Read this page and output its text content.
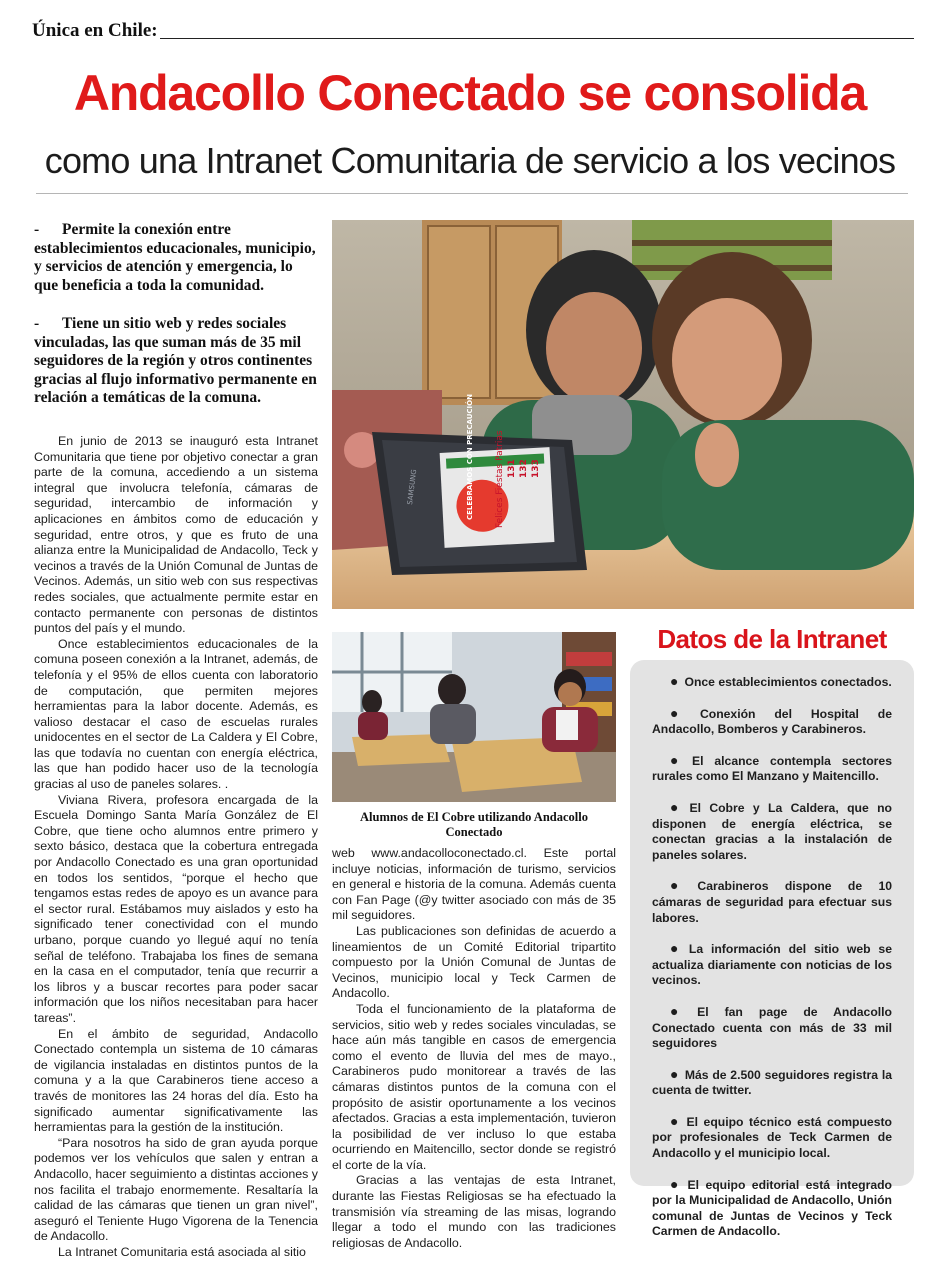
Única en Chile:
Andacollo Conectado se consolida
como una Intranet Comunitaria de servicio a los vecinos
- Permite la conexión entre establecimientos educacionales, municipio, y servicios de atención y emergencia, lo que beneficia a toda la comunidad.
- Tiene un sitio web y redes sociales vinculadas, las que suman más de 35 mil seguidores de la región y otros continentes gracias al flujo informativo permanente en relación a temáticas de la comuna.
Felices Fiestas Patrias
CELEBRAMOS CON PRECAUCIÓN	131 132 133
SAMSUNG
Alumnos de El Cobre utilizando Andacollo Conectado

En junio de 2013 se inauguró esta Intranet Comunitaria que tiene por objetivo conectar a gran parte de la comuna, accediendo a un sistema integral que involucra telefonía, cámaras de seguridad, intercambio de información y aplicaciones en ámbitos como de educación y seguridad, entre otros, y que es fruto de una alianza entre la Municipalidad de Andacollo, Teck y vecinos a través de la Unión Comunal de Juntas de Vecinos. Además, un sitio web con sus respectivas redes sociales, que actualmente permite estar en contacto permanente con personas de distintos puntos del país y el mundo.

Once establecimientos educacionales de la comuna poseen conexión a la Intranet, además, de telefonía y el 95% de ellos cuenta con laboratorio de computación, que permiten mejores herramientas para la labor docente. Además, es valioso destacar el caso de escuelas rurales unidocentes en el sector de La Caldera y El Cobre, las que todavía no cuentan con energía eléctrica, las que han podido hacer uso de la tecnología gracias al uso de paneles solares. .

Viviana Rivera, profesora encargada de la Escuela Domingo Santa María González de El Cobre, que tiene ocho alumnos entre primero y sexto básico, destaca que la cobertura entregada por Andacollo Conectado es una gran oportunidad en todos los sentidos, “porque el hecho que tengamos estas redes de apoyo es un avance para el sector rural. Estábamos muy aislados y esto ha significado tener conectividad con el mundo urbano, porque cuando yo llegué aquí no tenía señal de teléfono. Trabajaba los fines de semana en la casa en el computador, tenía que recurrir a los libros y a buscar recortes para poder sacar información que los niños necesitaban para hacer tareas”.

En el ámbito de seguridad, Andacollo Conectado contempla un sistema de 10 cámaras de vigilancia instaladas en distintos puntos de la comuna y a la que Carabineros tiene acceso a través de monitores las 24 horas del día. Esto ha significado aumentar significativamente las herramientas para la gestión de la institución.

“Para nosotros ha sido de gran ayuda porque podemos ver los vehículos que salen y entran a Andacollo, hacer seguimiento a distintas acciones y nos facilita el trabajo enormemente. Resaltaría la calidad de las cámaras que tienen un gran nivel”, aseguró el Teniente Hugo Vigorena de la Tenencia de Andacollo.

La Intranet Comunitaria está asociada al sitio

web www.andacolloconectado.cl. Este portal incluye noticias, información de turismo, servicios en general e historia de la comuna. Además cuenta con Fan Page (@y twitter asociado con más de 35 mil seguidores.

Las publicaciones son definidas de acuerdo a lineamientos de un Comité Editorial tripartito compuesto por la Unión Comunal de Juntas de Vecinos, municipio local y Teck Carmen de Andacollo.

Toda el funcionamiento de la plataforma de servicios, sitio web y redes sociales vinculadas, se hace aún más tangible en casos de emergencia como el evento de lluvia del mes de mayo., Carabineros pudo monitorear a través de las cámaras distintos puntos de la comuna con el propósito de asistir oportunamente a los vecinos afectados. Gracias a esta implementación, tuvieron la posibilidad de ver incluso lo que estaba ocurriendo en Maitencillo, sector donde se registró el corte de la vía.

Gracias a las ventajas de esta Intranet, durante las Fiestas Religiosas se ha efectuado la transmisión vía streaming de las misas, logrando llegar a todo el mundo con las tradiciones religiosas de Andacollo.

Datos de la Intranet
● Once establecimientos conectados.
● Conexión del Hospital de Andacollo, Bomberos y Carabineros.
● El alcance contempla sectores rurales como El Manzano y Maitencillo.
● El Cobre y La Caldera, que no disponen de energía eléctrica, se conectan gracias a la instalación de paneles solares.
● Carabineros dispone de 10 cámaras de seguridad para efectuar sus labores.
● La información del sitio web se actualiza diariamente con noticias de los vecinos.
● El fan page de Andacollo Conectado cuenta con más de 33 mil seguidores
● Más de 2.500 seguidores registra la cuenta de twitter.
● El equipo técnico está compuesto por profesionales de Teck Carmen de Andacollo y el municipio local.
● El equipo editorial está integrado por la Municipalidad de Andacollo, Unión comunal de Juntas de Vecinos y Teck Carmen de Andacollo.
